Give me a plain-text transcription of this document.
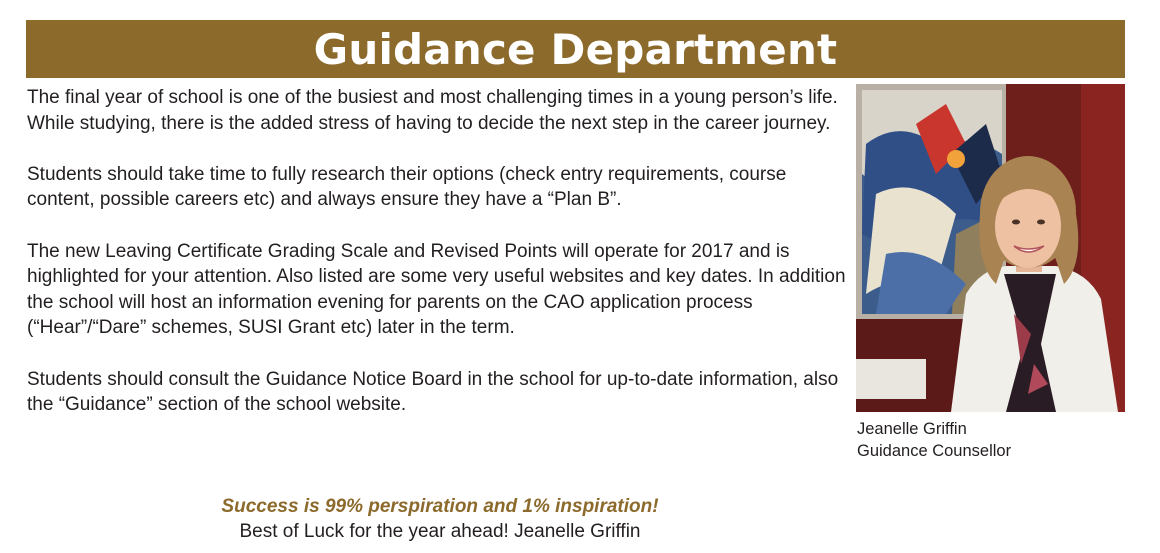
Guidance Department

The final year of school is one of the busiest and most challenging times in a young person’s life. While studying, there is the added stress of having to decide the next step in the career journey.

Students should take time to fully research their options (check entry requirements, course content, possible careers etc) and always ensure they have a “Plan B”.

The new Leaving Certificate Grading Scale and Revised Points will operate for 2017 and is highlighted for your attention. Also listed are some very useful websites and key dates. In addition the school will host an information evening for parents on the CAO application process (“Hear”/“Dare” schemes, SUSI Grant etc) later in the term.

Students should consult the Guidance Notice Board in the school for up-to-date information, also the “Guidance” section of the school website.

Jeanelle Griffin
Guidance Counsellor
Success is 99% perspiration and 1% inspiration!
Best of Luck for the year ahead! Jeanelle Griffin
